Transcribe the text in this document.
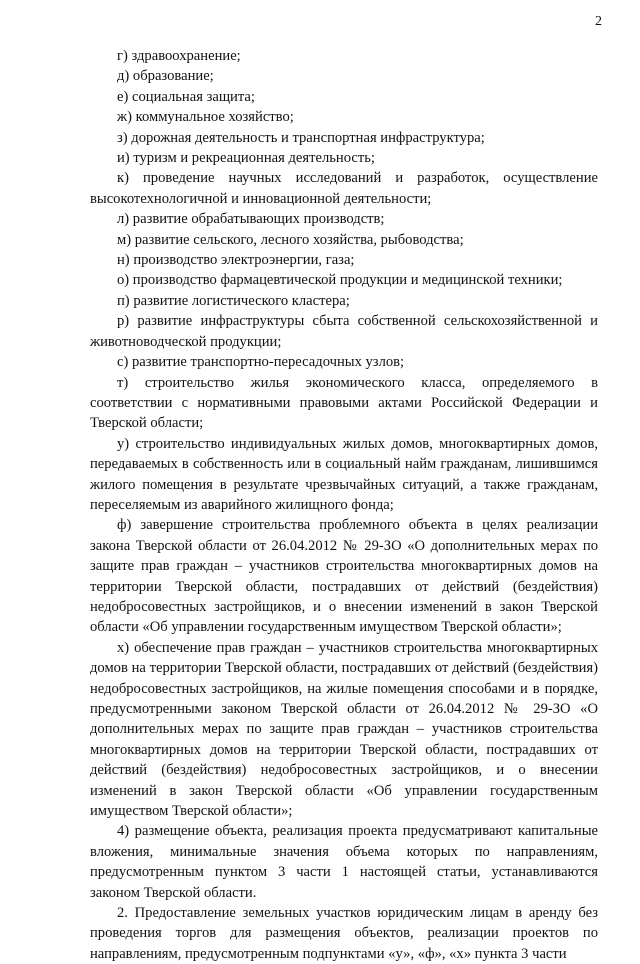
2

г) здравоохранение;

д) образование;

е) социальная защита;

ж) коммунальное хозяйство;

з) дорожная деятельность и транспортная инфраструктура;

и) туризм и рекреационная деятельность;

к) проведение научных исследований и разработок, осуществление высокотехнологичной и инновационной деятельности;

л) развитие обрабатывающих производств;

м) развитие сельского, лесного хозяйства, рыбоводства;

н) производство электроэнергии, газа;

о) производство фармацевтической продукции и медицинской техники;

п) развитие логистического кластера;

р) развитие инфраструктуры сбыта собственной сельскохозяйственной и животноводческой продукции;

с) развитие транспортно-пересадочных узлов;

т) строительство жилья экономического класса, определяемого в соответствии с нормативными правовыми актами Российской Федерации и Тверской области;

у) строительство индивидуальных жилых домов, многоквартирных домов, передаваемых в собственность или в социальный найм гражданам, лишившимся жилого помещения в результате чрезвычайных ситуаций, а также гражданам, переселяемым из аварийного жилищного фонда;

ф) завершение строительства проблемного объекта в целях реализации закона Тверской области от 26.04.2012 № 29-ЗО «О дополнительных мерах по защите прав граждан – участников строительства многоквартирных домов на территории Тверской области, пострадавших от действий (бездействия) недобросовестных застройщиков, и о внесении изменений в закон Тверской области «Об управлении государственным имуществом Тверской области»;

х) обеспечение прав граждан – участников строительства многоквартирных домов на территории Тверской области, пострадавших от действий (бездействия) недобросовестных застройщиков, на жилые помещения способами и в порядке, предусмотренными законом Тверской области от 26.04.2012 № 29-ЗО «О дополнительных мерах по защите прав граждан – участников строительства многоквартирных домов на территории Тверской области, пострадавших от действий (бездействия) недобросовестных застройщиков, и о внесении изменений в закон Тверской области «Об управлении государственным имуществом Тверской области»;

4) размещение объекта, реализация проекта предусматривают капитальные вложения, минимальные значения объема которых по направлениям, предусмотренным пунктом 3 части 1 настоящей статьи, устанавливаются законом Тверской области.

2. Предоставление земельных участков юридическим лицам в аренду без проведения торгов для размещения объектов, реализации проектов по направлениям, предусмотренным подпунктами «у», «ф», «х» пункта 3 части
